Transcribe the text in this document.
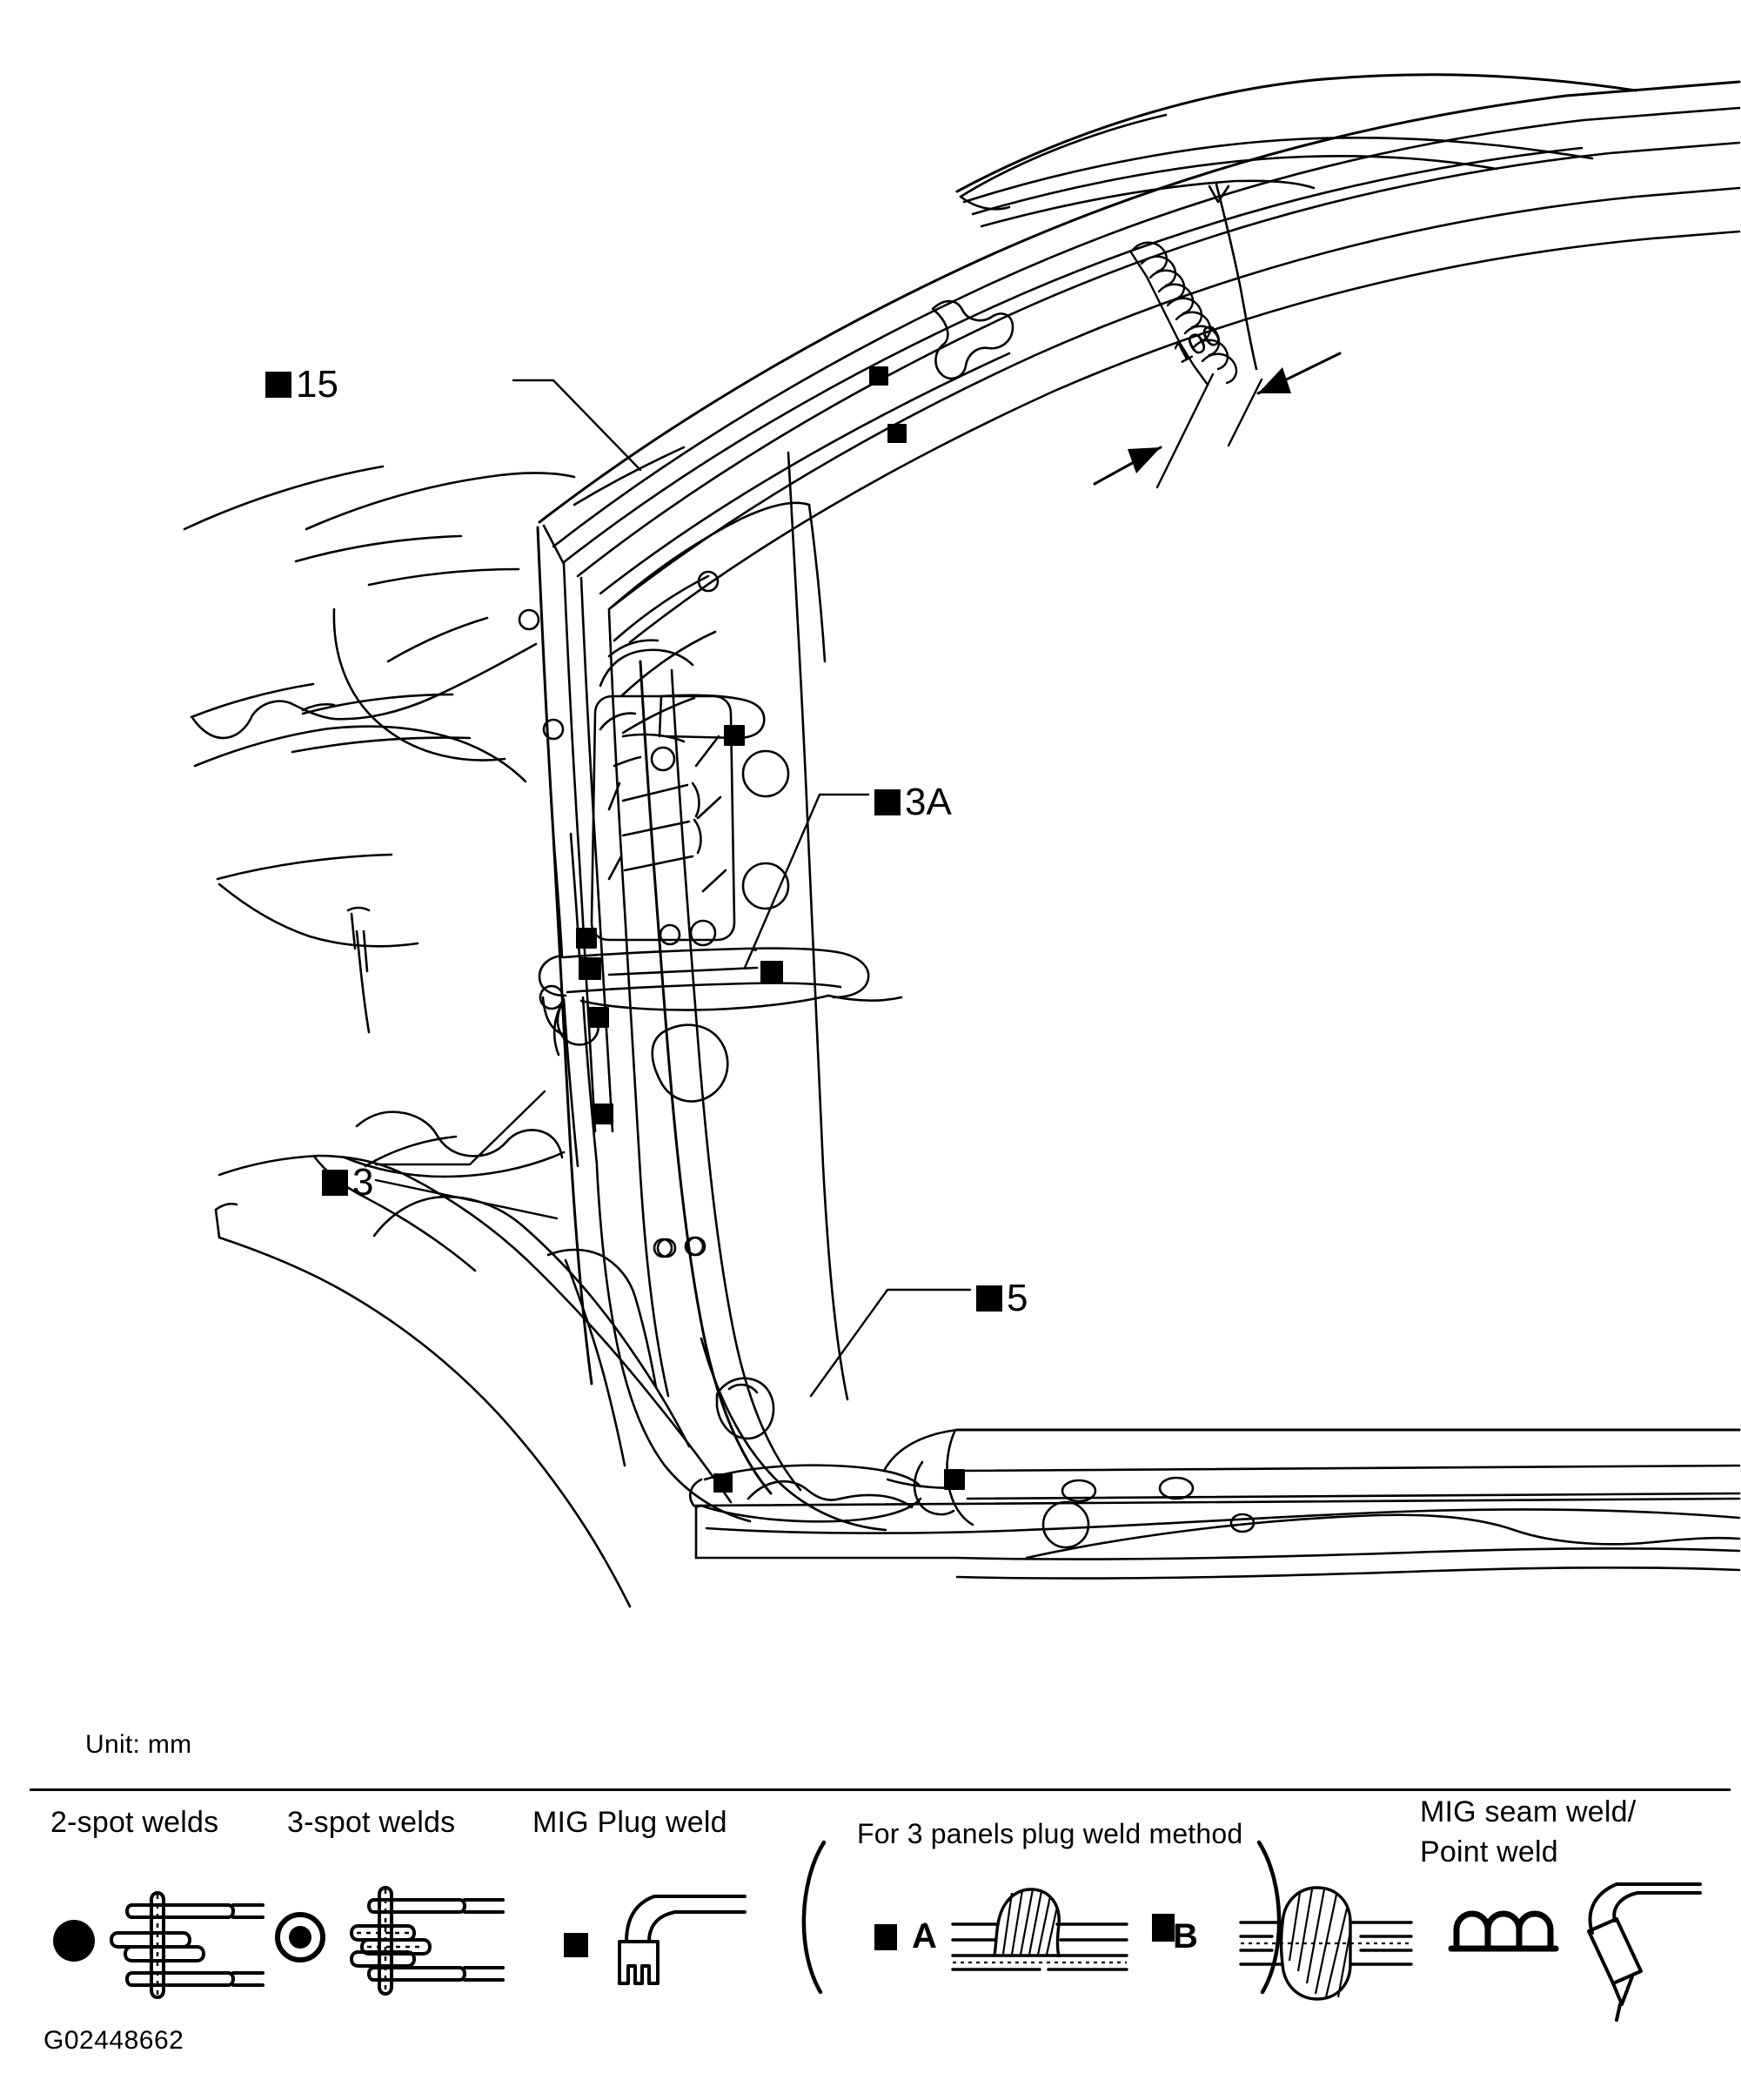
15
3A
3
5
100
Unit: mm
2-spot welds 3-spot welds	MIG Plug weld	For 3 panels plug weld method
A	B
MIG seam weld/
Point weld
G02448662
